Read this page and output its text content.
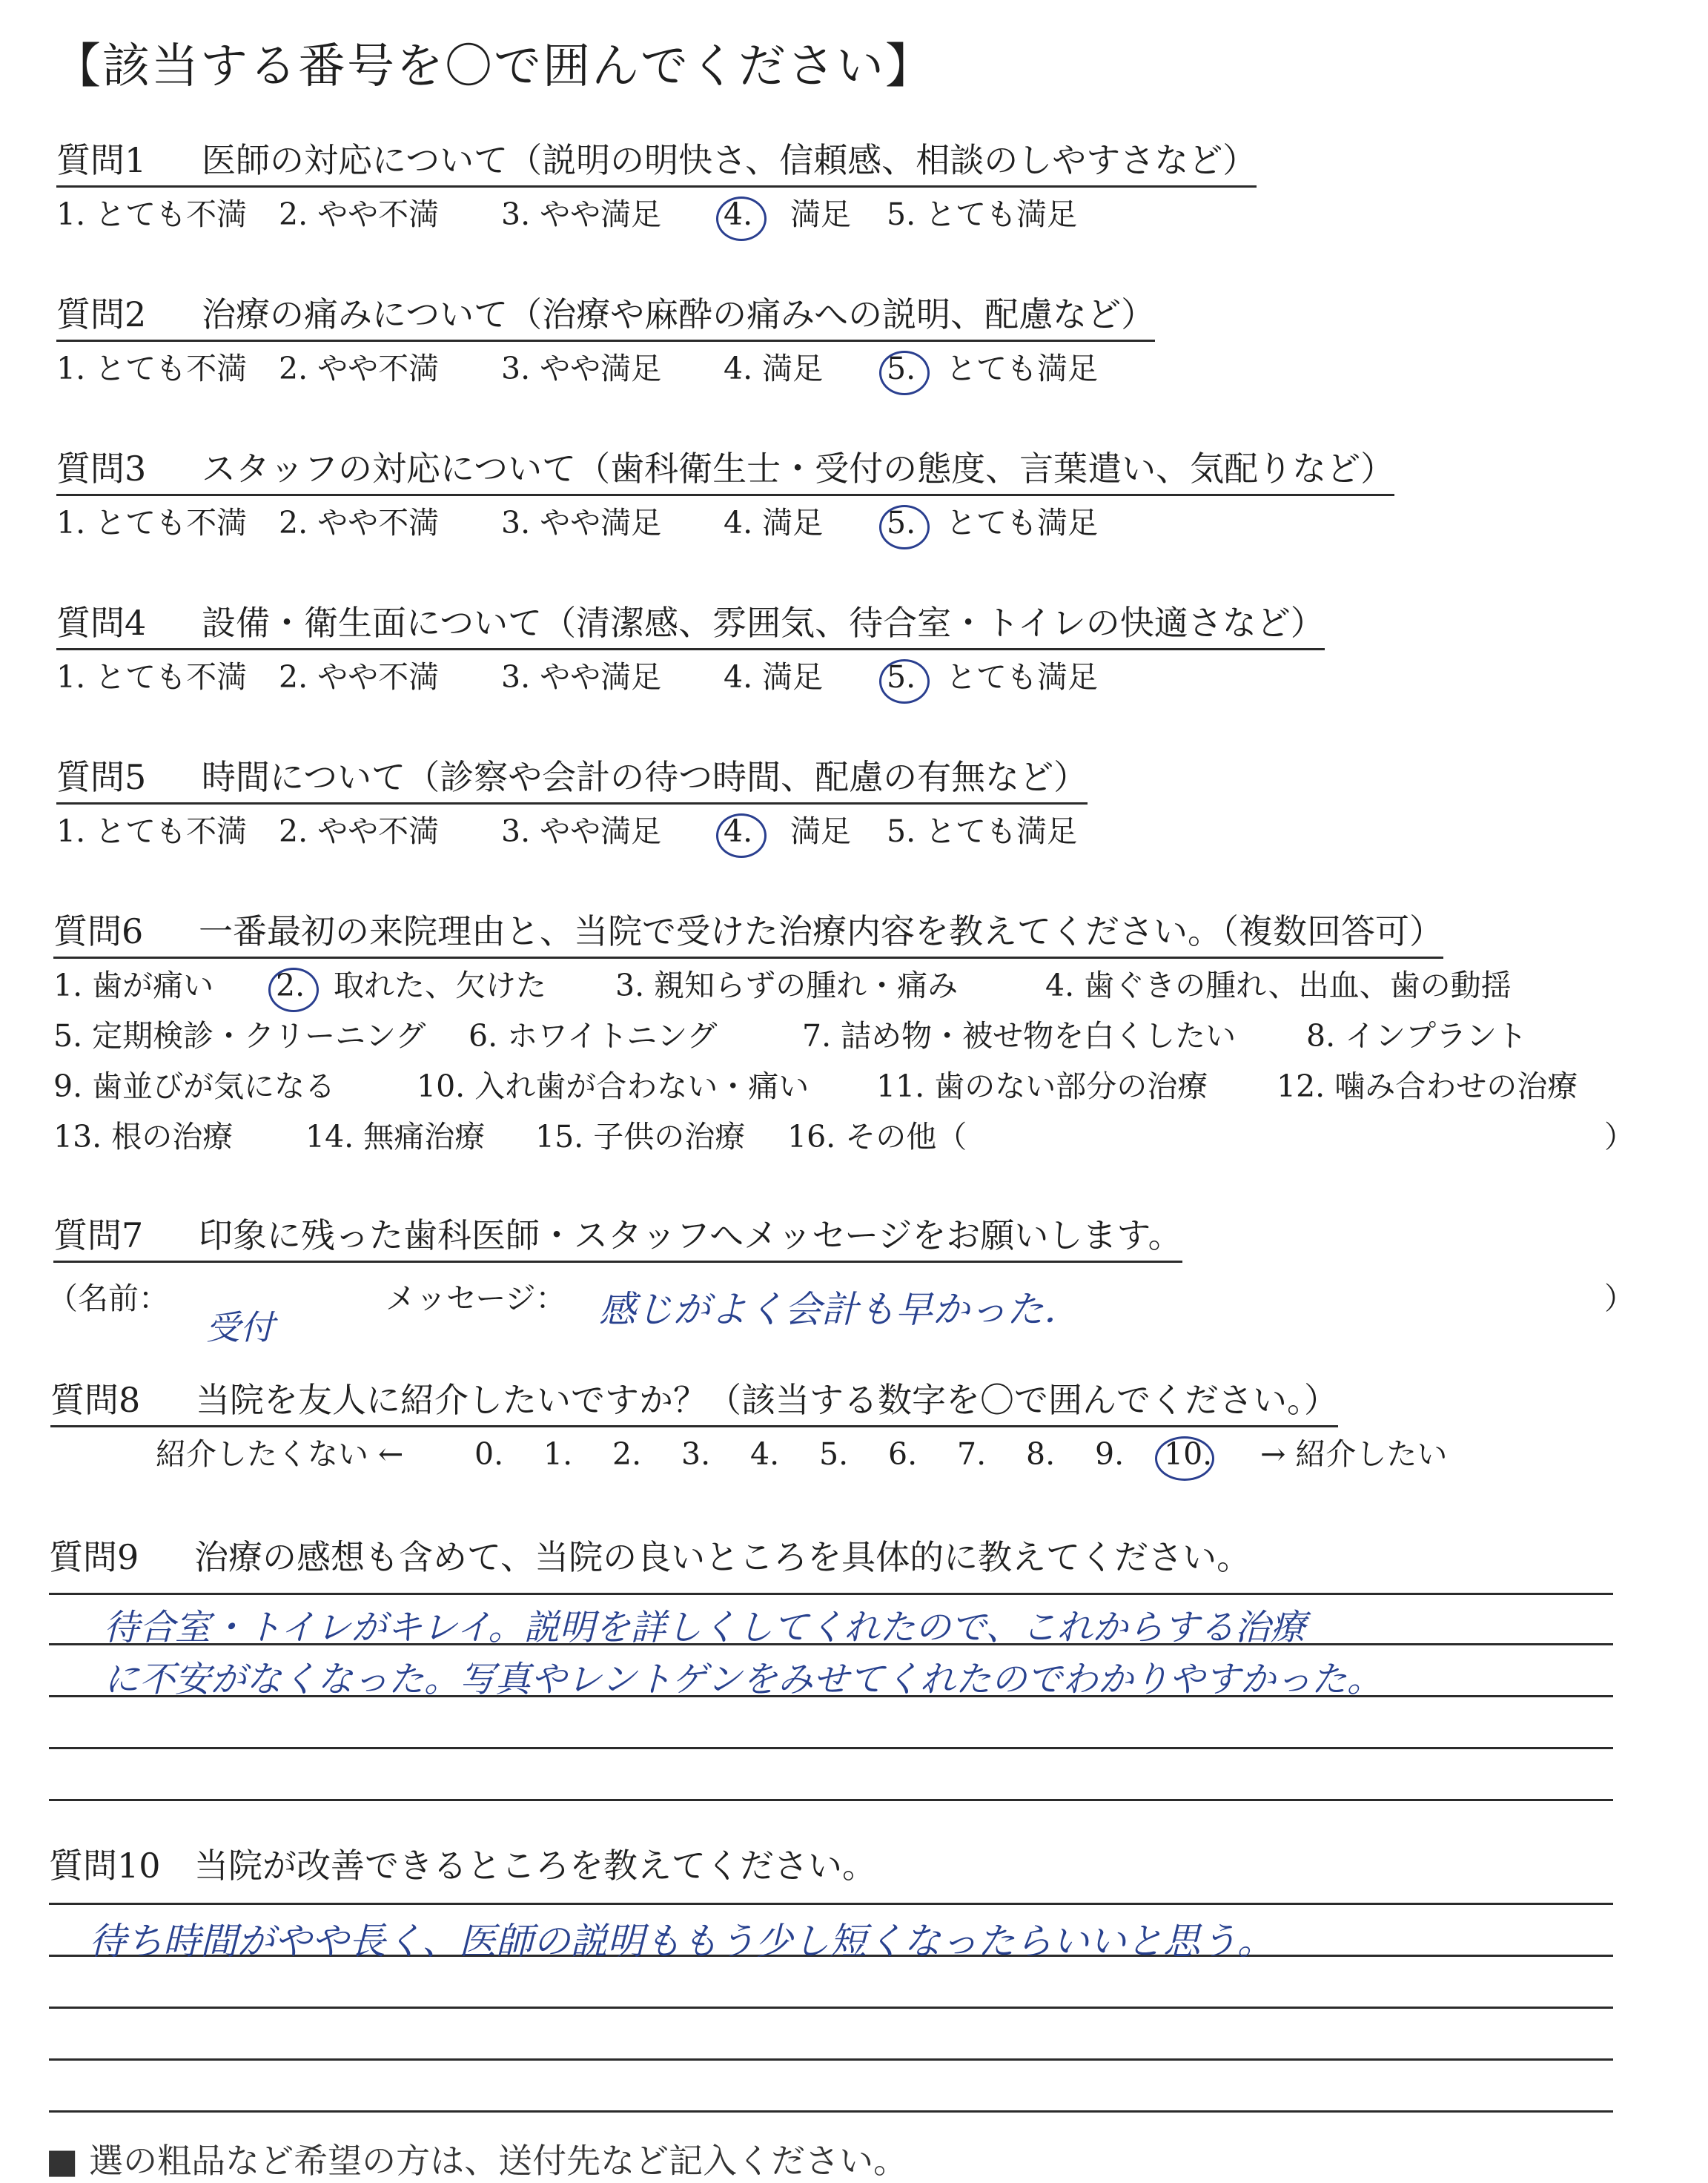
【該当する番号を〇で囲んでください】
質問1 医師の対応について（説明の明快さ、信頼感、相談のしやすさなど）
1. とても不満 2. やや不満 3. やや満足 4. 満足 5. とても満足
質問2 治療の痛みについて（治療や麻酔の痛みへの説明、配慮など）
1. とても不満 2. やや不満 3. やや満足 4. 満足 5. とても満足
質問3 スタッフの対応について（歯科衛生士・受付の態度、言葉遣い、気配りなど）
1. とても不満 2. やや不満 3. やや満足 4. 満足 5. とても満足
質問4 設備・衛生面について（清潔感、雰囲気、待合室・トイレの快適さなど）
1. とても不満 2. やや不満 3. やや満足 4. 満足 5. とても満足
質問5 時間について（診察や会計の待つ時間、配慮の有無など）
1. とても不満 2. やや不満 3. やや満足 4. 満足 5. とても満足
質問6 一番最初の来院理由と、当院で受けた治療内容を教えてください。（複数回答可）
1. 歯が痛い 2. 取れた、欠けた 3. 親知らずの腫れ・痛み	4. 歯ぐきの腫れ、出血、歯の動揺
5. 定期検診・クリーニング 6. ホワイトニング	7. 詰め物・被せ物を白くしたい 8. インプラント
9. 歯並びが気になる	10. 入れ歯が合わない・痛い 11. 歯のない部分の治療 12. 噛み合わせの治療
13. 根の治療 14. 無痛治療 15. 子供の治療 16. その他（	）
質問7 印象に残った歯科医師・スタッフへメッセージをお願いします。
（名前：
受付
メッセージ： 感じがよく会計も早かった．	）
質問8 当院を友人に紹介したいですか？（該当する数字を〇で囲んでください。）
紹介したくない ← 0. 1. 2. 3. 4. 5. 6. 7. 8. 9. 10. → 紹介したい
質問9 治療の感想も含めて、当院の良いところを具体的に教えてください。
待合室・トイレがキレイ。説明を詳しくしてくれたので、これからする治療
に不安がなくなった。写真やレントゲンをみせてくれたのでわかりやすかった。
質問10 当院が改善できるところを教えてください。
待ち時間がやや長く、医師の説明ももう少し短くなったらいいと思う。
■ 選の粗品など希望の方は、送付先など記入ください。
